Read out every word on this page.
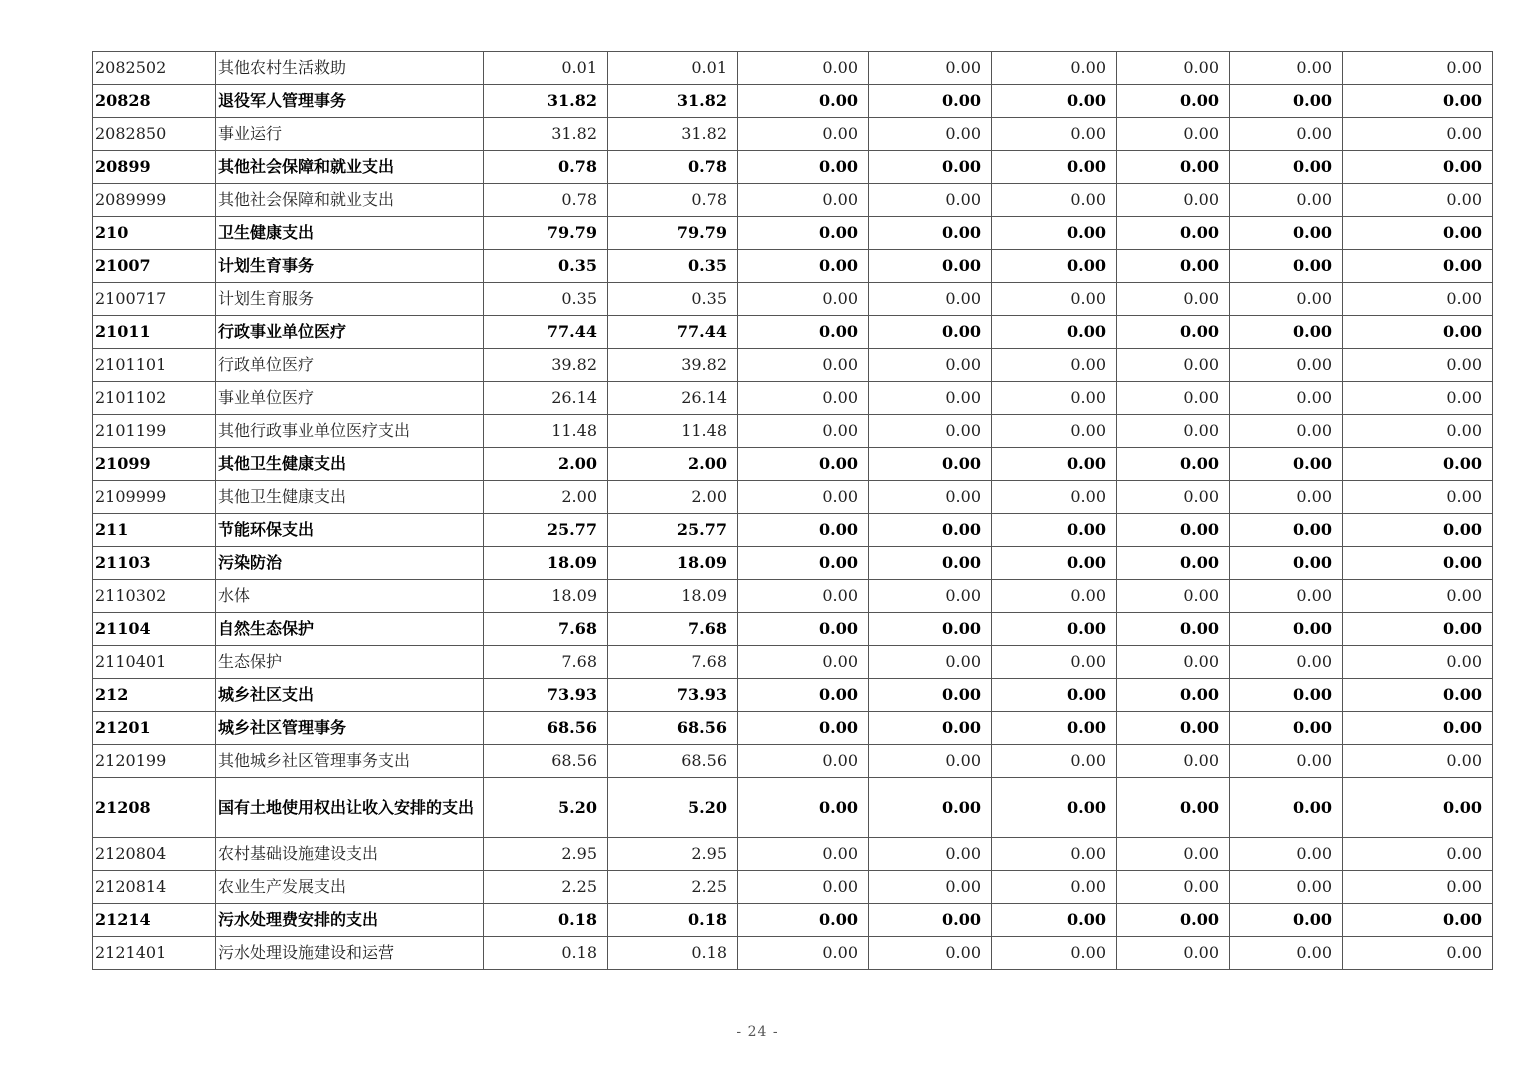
2082502	其他农村生活救助	0.01	0.01	0.00	0.00	0.00	0.00	0.00	0.00
20828	退役军人管理事务	31.82	31.82	0.00	0.00	0.00	0.00	0.00	0.00
2082850	事业运行	31.82	31.82	0.00	0.00	0.00	0.00	0.00	0.00
20899	其他社会保障和就业支出	0.78	0.78	0.00	0.00	0.00	0.00	0.00	0.00
2089999	其他社会保障和就业支出	0.78	0.78	0.00	0.00	0.00	0.00	0.00	0.00
210	卫生健康支出	79.79	79.79	0.00	0.00	0.00	0.00	0.00	0.00
21007	计划生育事务	0.35	0.35	0.00	0.00	0.00	0.00	0.00	0.00
2100717	计划生育服务	0.35	0.35	0.00	0.00	0.00	0.00	0.00	0.00
21011	行政事业单位医疗	77.44	77.44	0.00	0.00	0.00	0.00	0.00	0.00
2101101	行政单位医疗	39.82	39.82	0.00	0.00	0.00	0.00	0.00	0.00
2101102	事业单位医疗	26.14	26.14	0.00	0.00	0.00	0.00	0.00	0.00
2101199	其他行政事业单位医疗支出	11.48	11.48	0.00	0.00	0.00	0.00	0.00	0.00
21099	其他卫生健康支出	2.00	2.00	0.00	0.00	0.00	0.00	0.00	0.00
2109999	其他卫生健康支出	2.00	2.00	0.00	0.00	0.00	0.00	0.00	0.00
211	节能环保支出	25.77	25.77	0.00	0.00	0.00	0.00	0.00	0.00
21103	污染防治	18.09	18.09	0.00	0.00	0.00	0.00	0.00	0.00
2110302	水体	18.09	18.09	0.00	0.00	0.00	0.00	0.00	0.00
21104	自然生态保护	7.68	7.68	0.00	0.00	0.00	0.00	0.00	0.00
2110401	生态保护	7.68	7.68	0.00	0.00	0.00	0.00	0.00	0.00
212	城乡社区支出	73.93	73.93	0.00	0.00	0.00	0.00	0.00	0.00
21201	城乡社区管理事务	68.56	68.56	0.00	0.00	0.00	0.00	0.00	0.00
2120199	其他城乡社区管理事务支出	68.56	68.56	0.00	0.00	0.00	0.00	0.00	0.00
21208	国有土地使用权出让收入安排的支出	5.20	5.20	0.00	0.00	0.00	0.00	0.00	0.00
2120804	农村基础设施建设支出	2.95	2.95	0.00	0.00	0.00	0.00	0.00	0.00
2120814	农业生产发展支出	2.25	2.25	0.00	0.00	0.00	0.00	0.00	0.00
21214	污水处理费安排的支出	0.18	0.18	0.00	0.00	0.00	0.00	0.00	0.00
2121401	污水处理设施建设和运营	0.18	0.18	0.00	0.00	0.00	0.00	0.00	0.00
- 24 -
